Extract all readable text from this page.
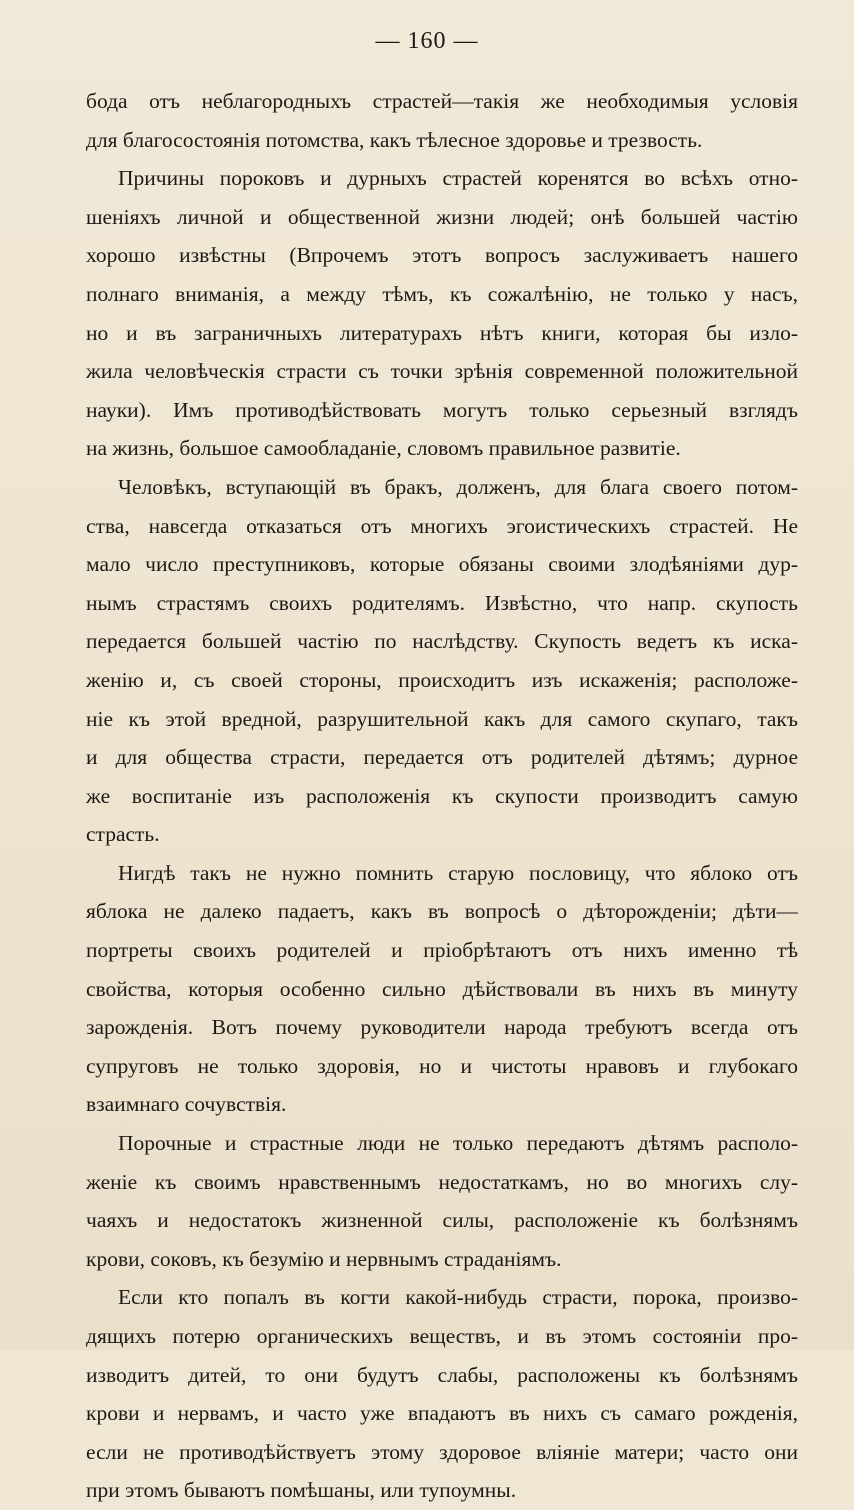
— 160 —
бода отъ неблагородныхъ страстей—такія же необходимыя условія
для благосостоянія потомства, какъ тѣлесное здоровье и трезвость.
Причины пороковъ и дурныхъ страстей коренятся во всѣхъ отно-
шеніяхъ личной и общественной жизни людей; онѣ большей частію
хорошо извѣстны (Впрочемъ этотъ вопросъ заслуживаетъ нашего
полнаго вниманія, а между тѣмъ, къ сожалѣнію, не только у насъ,
но и въ заграничныхъ литературахъ нѣтъ книги, которая бы изло-
жила человѣческія страсти съ точки зрѣнія современной положительной
науки). Имъ противодѣйствовать могутъ только серьезный взглядъ
на жизнь, большое самообладаніе, словомъ правильное развитіе.
Человѣкъ, вступающій въ бракъ, долженъ, для блага своего потом-
ства, навсегда отказаться отъ многихъ эгоистическихъ страстей. Не
мало число преступниковъ, которые обязаны своими злодѣяніями дур-
нымъ страстямъ своихъ родителямъ. Извѣстно, что напр. скупость
передается большей частію по наслѣдству. Скупость ведетъ къ иска-
женію и, съ своей стороны, происходитъ изъ искаженія; расположе-
ніе къ этой вредной, разрушительной какъ для самого скупаго, такъ
и для общества страсти, передается отъ родителей дѣтямъ; дурное
же воспитаніе изъ расположенія къ скупости производитъ самую
страсть.
Нигдѣ такъ не нужно помнить старую пословицу, что яблоко отъ
яблока не далеко падаетъ, какъ въ вопросѣ о дѣторожденіи; дѣти—
портреты своихъ родителей и пріобрѣтаютъ отъ нихъ именно тѣ
свойства, которыя особенно сильно дѣйствовали въ нихъ въ минуту
зарожденія. Вотъ почему руководители народа требуютъ всегда отъ
супруговъ не только здоровія, но и чистоты нравовъ и глубокаго
взаимнаго сочувствія.
Порочные и страстные люди не только передаютъ дѣтямъ располо-
женіе къ своимъ нравственнымъ недостаткамъ, но во многихъ слу-
чаяхъ и недостатокъ жизненной силы, расположеніе къ болѣзнямъ
крови, соковъ, къ безумію и нервнымъ страданіямъ.
Если кто попалъ въ когти какой-нибудь страсти, порока, произво-
дящихъ потерю органическихъ веществъ, и въ этомъ состояніи про-
изводитъ дитей, то они будутъ слабы, расположены къ болѣзнямъ
крови и нервамъ, и часто уже впадаютъ въ нихъ съ самаго рожденія,
если не противодѣйствуетъ этому здоровое вліяніе матери; часто они
при этомъ бываютъ помѣшаны, или тупоумны.
